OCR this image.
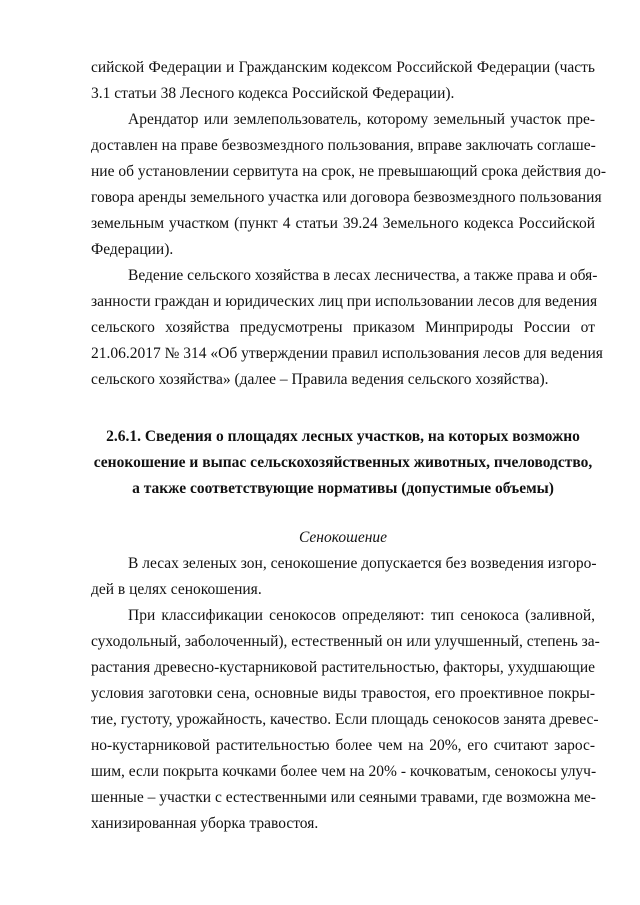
сийской Федерации и Гражданским кодексом Российской Федерации (часть
3.1 статьи 38 Лесного кодекса Российской Федерации).
Арендатор или землепользователь, которому земельный участок пре-
доставлен на праве безвозмездного пользования, вправе заключать соглаше-
ние об установлении сервитута на срок, не превышающий срока действия до-
говора аренды земельного участка или договора безвозмездного пользования
земельным участком (пункт 4 статьи 39.24 Земельного кодекса Российской
Федерации).
Ведение сельского хозяйства в лесах лесничества, а также права и обя-
занности граждан и юридических лиц при использовании лесов для ведения
сельского хозяйства предусмотрены приказом Минприроды России от
21.06.2017 № 314 «Об утверждении правил использования лесов для ведения
сельского хозяйства» (далее – Правила ведения сельского хозяйства).
2.6.1. Сведения о площадях лесных участков, на которых возможно
сенокошение и выпас сельскохозяйственных животных, пчеловодство,
а также соответствующие нормативы (допустимые объемы)
Сенокошение
В лесах зеленых зон, сенокошение допускается без возведения изгоро-
дей в целях сенокошения.
При классификации сенокосов определяют: тип сенокоса (заливной,
суходольный, заболоченный), естественный он или улучшенный, степень за-
растания древесно-кустарниковой растительностью, факторы, ухудшающие
условия заготовки сена, основные виды травостоя, его проективное покры-
тие, густоту, урожайность, качество. Если площадь сенокосов занята древес-
но-кустарниковой растительностью более чем на 20%, его считают зарос-
шим, если покрыта кочками более чем на 20% - кочковатым, сенокосы улуч-
шенные – участки с естественными или сеяными травами, где возможна ме-
ханизированная уборка травостоя.
